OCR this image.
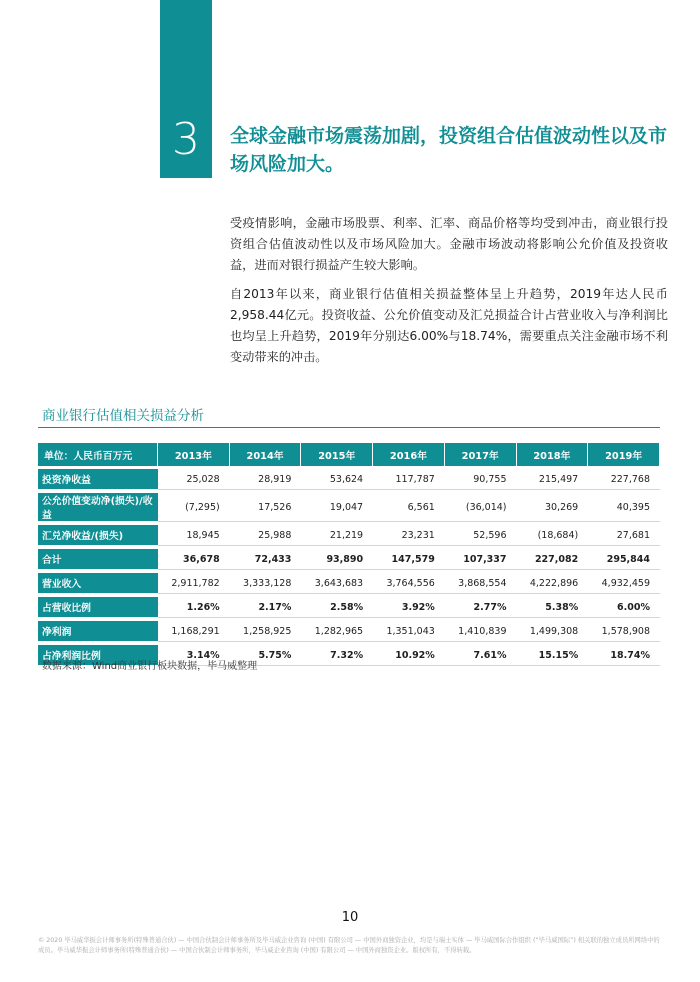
3	全球金融市场震荡加剧，投资组合估值波动性以及市场风险加大。
受疫情影响，金融市场股票、利率、汇率、商品价格等均受到冲击，商业银行投资组合估值波动性以及市场风险加大。金融市场波动将影响公允价值及投资收益，进而对银行损益产生较大影响。
自2013年以来，商业银行估值相关损益整体呈上升趋势，2019年达人民币2,958.44亿元。投资收益、公允价值变动及汇兑损益合计占营业收入与净利润比也均呈上升趋势，2019年分别达6.00%与18.74%，需要重点关注金融市场不利变动带来的冲击。
商业银行估值相关损益分析
单位：人民币百万元	2013年	2014年	2015年	2016年	2017年	2018年	2019年
投资净收益	25,028	28,919	53,624	117,787	90,755	215,497	227,768
公允价值变动净(损失)/收益	(7,295)	17,526	19,047	6,561	(36,014)	30,269	40,395
汇兑净收益/(损失)	18,945	25,988	21,219	23,231	52,596	(18,684)	27,681
合计	36,678	72,433	93,890	147,579	107,337	227,082	295,844
营业收入	2,911,782	3,333,128	3,643,683	3,764,556	3,868,554	4,222,896	4,932,459
占营收比例	1.26%	2.17%	2.58%	3.92%	2.77%	5.38%	6.00%
净利润	1,168,291	1,258,925	1,282,965	1,351,043	1,410,839	1,499,308	1,578,908
占净利润比例	3.14%	5.75%	7.32%	10.92%	7.61%	15.15%	18.74%
数据来源：Wind商业银行板块数据，毕马威整理
10
© 2020 毕马威华振会计师事务所(特殊普通合伙) — 中国合伙制会计师事务所及毕马威企业咨询 (中国) 有限公司 — 中国外商独资企业，均是与瑞士实体 — 毕马威国际合作组织 (“毕马威国际”) 相关联的独立成员所网络中的成员。毕马威华振会计师事务所(特殊普通合伙) — 中国合伙制会计师事务所，毕马威企业咨询 (中国) 有限公司 — 中国外商独资企业。版权所有，不得转载。
